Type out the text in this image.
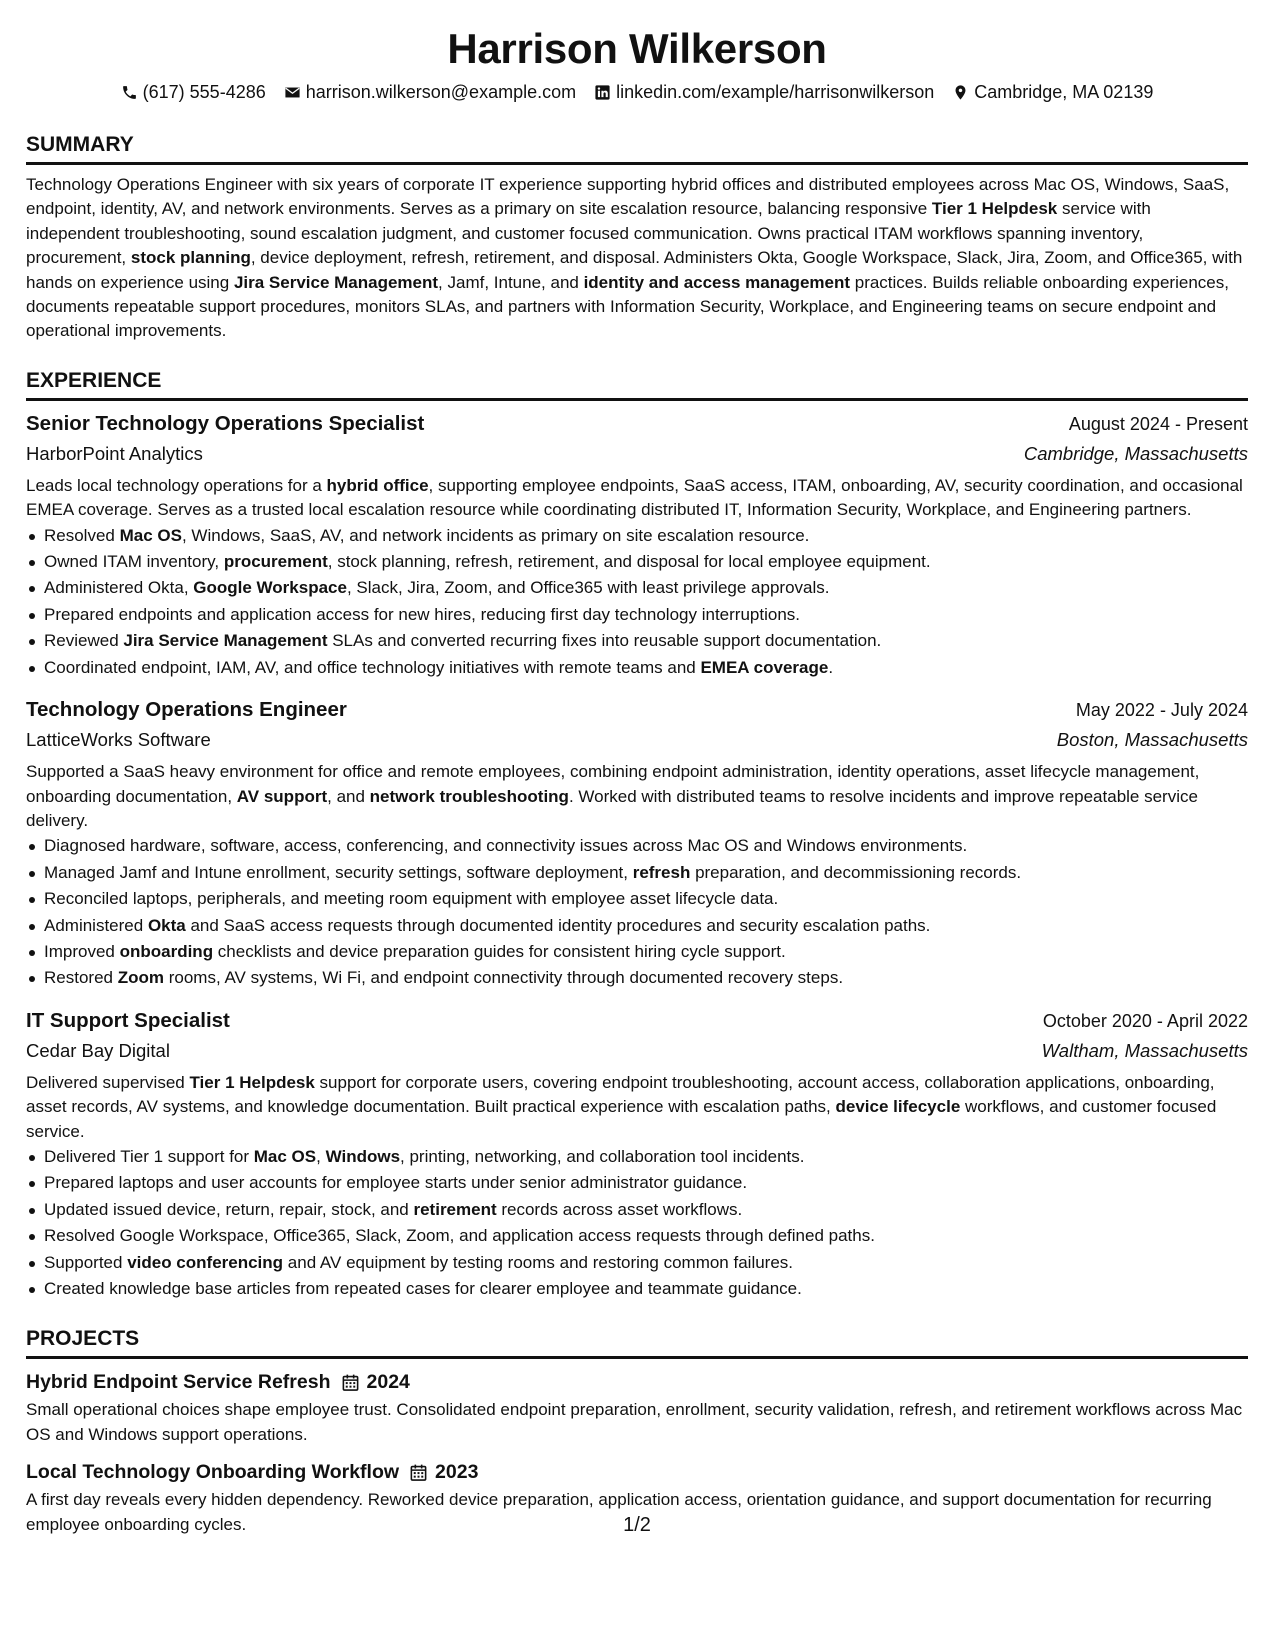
Harrison Wilkerson
(617) 555-4286 harrison.wilkerson@example.com linkedin.com/example/harrisonwilkerson Cambridge, MA 02139
SUMMARY
Technology Operations Engineer with six years of corporate IT experience supporting hybrid offices and distributed employees across Mac OS, Windows, SaaS, endpoint, identity, AV, and network environments. Serves as a primary on site escalation resource, balancing responsive Tier 1 Helpdesk service with independent troubleshooting, sound escalation judgment, and customer focused communication. Owns practical ITAM workflows spanning inventory, procurement, stock planning, device deployment, refresh, retirement, and disposal. Administers Okta, Google Workspace, Slack, Jira, Zoom, and Office365, with hands on experience using Jira Service Management, Jamf, Intune, and identity and access management practices. Builds reliable onboarding experiences, documents repeatable support procedures, monitors SLAs, and partners with Information Security, Workplace, and Engineering teams on secure endpoint and operational improvements.
EXPERIENCE
Senior Technology Operations Specialist	August 2024 - Present
HarborPoint Analytics	Cambridge, Massachusetts
Leads local technology operations for a hybrid office, supporting employee endpoints, SaaS access, ITAM, onboarding, AV, security coordination, and occasional EMEA coverage. Serves as a trusted local escalation resource while coordinating distributed IT, Information Security, Workplace, and Engineering partners.
Resolved Mac OS, Windows, SaaS, AV, and network incidents as primary on site escalation resource.
Owned ITAM inventory, procurement, stock planning, refresh, retirement, and disposal for local employee equipment.
Administered Okta, Google Workspace, Slack, Jira, Zoom, and Office365 with least privilege approvals.
Prepared endpoints and application access for new hires, reducing first day technology interruptions.
Reviewed Jira Service Management SLAs and converted recurring fixes into reusable support documentation.
Coordinated endpoint, IAM, AV, and office technology initiatives with remote teams and EMEA coverage.
Technology Operations Engineer	May 2022 - July 2024
LatticeWorks Software	Boston, Massachusetts
Supported a SaaS heavy environment for office and remote employees, combining endpoint administration, identity operations, asset lifecycle management, onboarding documentation, AV support, and network troubleshooting. Worked with distributed teams to resolve incidents and improve repeatable service delivery.
Diagnosed hardware, software, access, conferencing, and connectivity issues across Mac OS and Windows environments.
Managed Jamf and Intune enrollment, security settings, software deployment, refresh preparation, and decommissioning records.
Reconciled laptops, peripherals, and meeting room equipment with employee asset lifecycle data.
Administered Okta and SaaS access requests through documented identity procedures and security escalation paths.
Improved onboarding checklists and device preparation guides for consistent hiring cycle support.
Restored Zoom rooms, AV systems, Wi Fi, and endpoint connectivity through documented recovery steps.
IT Support Specialist	October 2020 - April 2022
Cedar Bay Digital	Waltham, Massachusetts
Delivered supervised Tier 1 Helpdesk support for corporate users, covering endpoint troubleshooting, account access, collaboration applications, onboarding, asset records, AV systems, and knowledge documentation. Built practical experience with escalation paths, device lifecycle workflows, and customer focused service.
Delivered Tier 1 support for Mac OS, Windows, printing, networking, and collaboration tool incidents.
Prepared laptops and user accounts for employee starts under senior administrator guidance.
Updated issued device, return, repair, stock, and retirement records across asset workflows.
Resolved Google Workspace, Office365, Slack, Zoom, and application access requests through defined paths.
Supported video conferencing and AV equipment by testing rooms and restoring common failures.
Created knowledge base articles from repeated cases for clearer employee and teammate guidance.
PROJECTS
Hybrid Endpoint Service Refresh 2024
Small operational choices shape employee trust. Consolidated endpoint preparation, enrollment, security validation, refresh, and retirement workflows across Mac OS and Windows support operations.
Local Technology Onboarding Workflow 2023
A first day reveals every hidden dependency. Reworked device preparation, application access, orientation guidance, and support documentation for recurring employee onboarding cycles.	1/2
